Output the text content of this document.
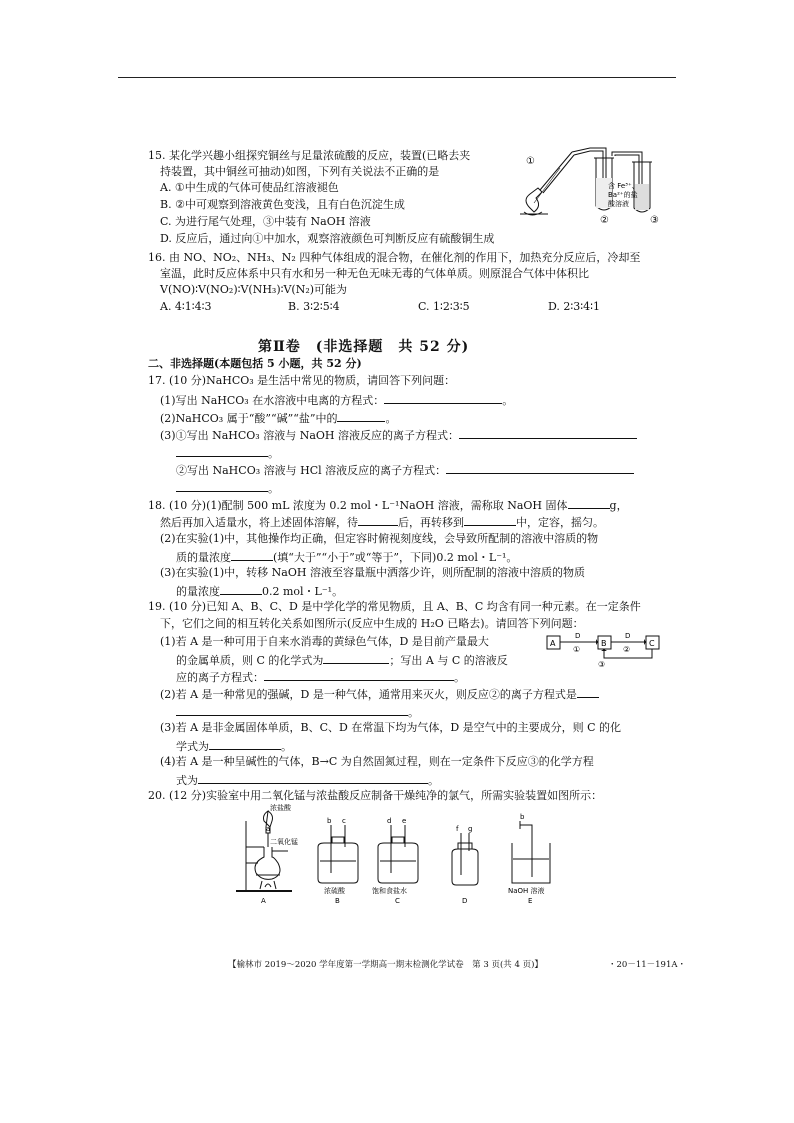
15. 某化学兴趣小组探究铜丝与足量浓硫酸的反应，装置(已略去夹
持装置，其中铜丝可抽动)如图，下列有关说法不正确的是
A. ①中生成的气体可使品红溶液褪色
B. ②中可观察到溶液黄色变浅，且有白色沉淀生成
C. 为进行尾气处理，③中装有 NaOH 溶液
D. 反应后，通过向①中加水，观察溶液颜色可判断反应有硫酸铜生成
①
②	③
含 Fe³⁺、
Ba²⁺的盐
酸溶液
16. 由 NO、NO₂、NH₃、N₂ 四种气体组成的混合物，在催化剂的作用下，加热充分反应后，冷却至
室温，此时反应体系中只有水和另一种无色无味无毒的气体单质。则原混合气体中体积比
V(NO)∶V(NO₂)∶V(NH₃)∶V(N₂)可能为
A. 4∶1∶4∶3	B. 3∶2∶5∶4	C. 1∶2∶3∶5	D. 2∶3∶4∶1
第Ⅱ卷　(非选择题　共 52 分)
二、非选择题(本题包括 5 小题，共 52 分)
17. (10 分)NaHCO₃ 是生活中常见的物质，请回答下列问题：
(1)写出 NaHCO₃ 在水溶液中电离的方程式：	。
(2)NaHCO₃ 属于“酸”“碱”“盐”中的	。
(3)①写出 NaHCO₃ 溶液与 NaOH 溶液反应的离子方程式：
。
②写出 NaHCO₃ 溶液与 HCl 溶液反应的离子方程式：
。
18. (10 分)(1)配制 500 mL 浓度为 0.2 mol・L⁻¹NaOH 溶液，需称取 NaOH 固体	g，
然后再加入适量水，将上述固体溶解，待	后，再转移到	中，定容，摇匀。
(2)在实验(1)中，其他操作均正确，但定容时俯视刻度线，会导致所配制的溶液中溶质的物
质的量浓度	(填“大于”“小于”或“等于”，下同)0.2 mol・L⁻¹。
(3)在实验(1)中，转移 NaOH 溶液至容量瓶中洒落少许，则所配制的溶液中溶质的物质
的量浓度	0.2 mol・L⁻¹。
19. (10 分)已知 A、B、C、D 是中学化学的常见物质，且 A、B、C 均含有同一种元素。在一定条件
下，它们之间的相互转化关系如图所示(反应中生成的 H₂O 已略去)。请回答下列问题：
(1)若 A 是一种可用于自来水消毒的黄绿色气体，D 是目前产量最大
的金属单质，则 C 的化学式为	；写出 A 与 C 的溶液反
应的离子方程式：	。
A	B	C
D	D
①	②
③
(2)若 A 是一种常见的强碱，D 是一种气体，通常用来灭火，则反应②的离子方程式是
。
(3)若 A 是非金属固体单质，B、C、D 在常温下均为气体，D 是空气中的主要成分，则 C 的化
学式为	。
(4)若 A 是一种呈碱性的气体，B→C 为自然固氮过程，则在一定条件下反应③的化学方程
式为	。
20. (12 分)实验室中用二氧化锰与浓盐酸反应制备干燥纯净的氯气，所需实验装置如图所示：
浓盐酸
a
二氧化锰
b c	d e
f g
b
浓硫酸	饱和食盐水	NaOH 溶液
A	B	C	D	E
【榆林市 2019～2020 学年度第一学期高一期末检测化学试卷　第 3 页(共 4 页)】	・20－11－191A・
